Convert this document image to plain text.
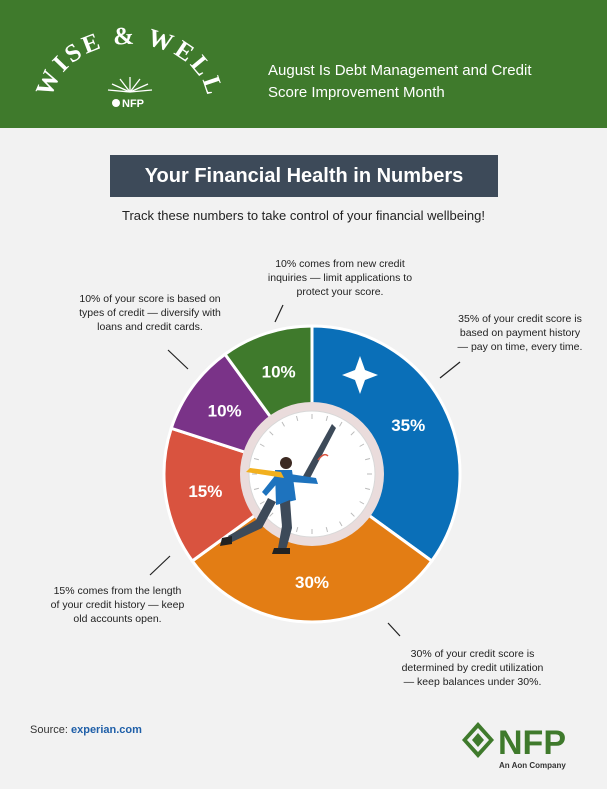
WISE & WELL
NFP
August Is Debt Management and Credit
Score Improvement Month
Your Financial Health in Numbers
Track these numbers to take control of your financial wellbeing!
35%
30%
15%
10%
10%
10% comes from new credit
inquiries — limit applications to
protect your score.
10% of your score is based on
types of credit — diversify with
loans and credit cards.
35% of your credit score is
based on payment history
— pay on time, every time.
15% comes from the length
of your credit history — keep
old accounts open.
30% of your credit score is
determined by credit utilization
— keep balances under 30%.
Source: experian.com	NFP
An Aon Company
